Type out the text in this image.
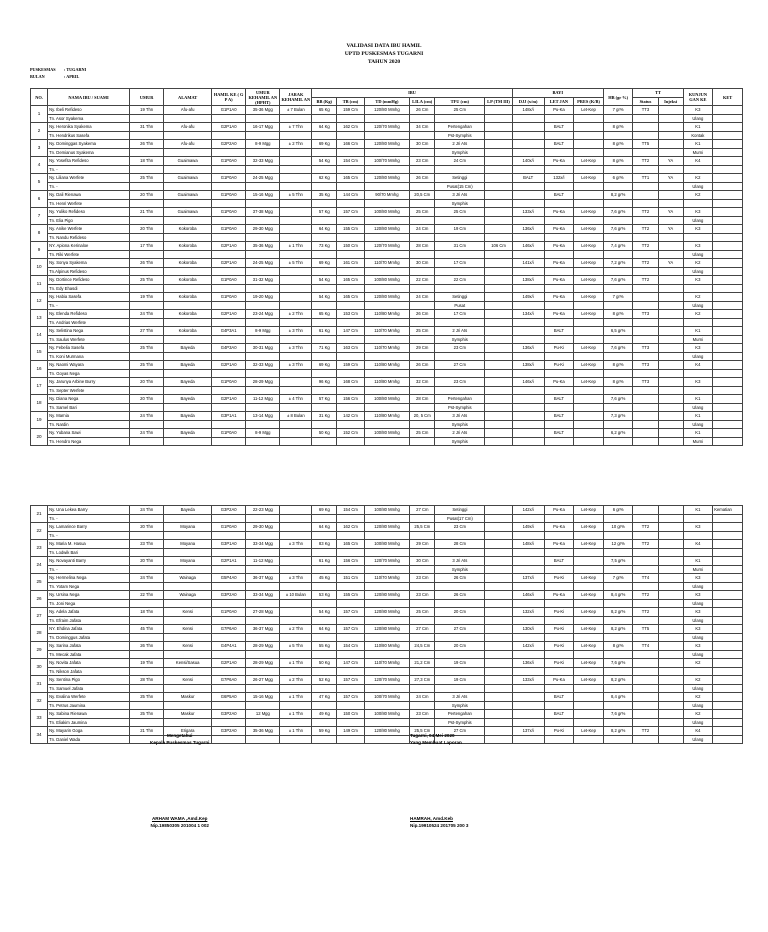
VALIDASI DATA IBU HAMIL
UPTD PUSKESMAS TUGARNI
TAHUN 2020
PUSKESMAS : TUGARNI
BULAN	: APRIL
NO.	NAMA IBU / SUAMI	UMUR	ALAMAT	HAMIL KE ( G P A)	UMUR KEHAMIL AN (HPHT)	JARAK KEHAMIL AN	IBU						BAYI			HB (gr %)	TT		KUNJUN GAN KE	KET
							BB (Kg)	TB (cm)	TD (mmHg)	LILA (cm)	TFU (cm)	LP (TM III)	DJJ (x/m)	LET JAN	PRES (K/B)		Status	Injeksi		
1	Ny. Ibeli Refideso	19 Thn	Afu-afu	G1P1A0	35-36 Mgg	± 7 Bulan	65 Kg	159 Cm	120/80 Mmhg	26 Cm	25 Cm		148x/i	Pu-Ka	Let-Kep	7 gr%	TT3		K3	
	Tn. Asor Syakema																		Ulang	
2	Ny. Heronika Syakema	31 Thn	Afu-afu	G2P1A0	16-17 Mgg	± 7 Thn	64 Kg	162 Cm	120/70 Mmhg	34 Cm	Pertengahan			BALT		8 gr%			K1	
	Tn. Hendrikus Sasefa										Pst-Symphis								Kontak	
3	Ny. Dominggas Syakema	26 Thn	Afu-afu	G2P2A0	8-9 Mgg	± 2 Thn	69 Kg	166 Cm	120/80 Mmhg	30 Cm	2 Jri Ats			BALT		8 gr%	TT5		K1	
	Tn. Demianus Syakema										Symphis								Murni	
4	Ny. Yosefita Refideso	18 Thn	Guaimawa	G1P0A0	32-33 Mgg		54 Kg	154 Cm	100/70 Mmhg	23 Cm	24 Cm		140x/i	Pu-Ka	Let-Kep	8 gr%	TT2	YA	K4	
	Tn. -																			
5	Ny. Liliana Werfete	25 Thn	Guaimawa	G1P0A0	24-25 Mgg		62 Kg	165 Cm	120/80 Mmhg	26 Cm	Setinggi		BALT	132x/i	Let-Kep	6 gr%	TT1	YA	K2	
	Tn. -										Pusat(15 Cm)								Ulang	
6	Ny. Dali Rienawa	20 Thn	Guaimawa	G1P0A0	15-16 Mgg	± 5 Thn	35 Kg	144 Cm	90/70 Mmhg	20,5 Cm	3 Jri Ats			BALT		8,2 gr%			K2	
	Tn. Henri Werfete										Symphis									
7	Ny. Yuliko Refideso	21 Thn	Guaimawa	G1P0A0	37-38 Mgg		57 Kg	157 Cm	100/80 Mmhg	25 Cm	25 Cm		133x/i	Pu-Ka	Let-Kep	7,6 gr%	TT2	YA	K3	
	Tn. Elia Pigo																		Ulang	
8	Ny. Anike Werfete	20 Thn	Kokoroba	G1P0A0	29-30 Mgg		64 Kg	155 Cm	120/80 Mmhg	24 Cm	19 Cm		136x/i	Pu-Ka	Let-Kep	7,6 gr%	TT2	YA	K3	
	Tn. Nandu Refideso																			
9	NY. Apiona Kerinaloe	17 Thn	Kokoroba	G2P1A0	35-36 Mgg	± 1 Thn	73 Kg	150 Cm	120/70 Mmhg	28 Cm	31 Cm	106 Cm	146x/i	Pu-Ka	Let-Kep	7,4 gr%	TT2		K3	
	Tn. Riki Werfete																		Ulang	
10	Ny. Sonya Syakema	26 Thn	Kokoroba	G2P1A0	24-25 Mgg	± 5 Thn	69 Kg	161 Cm	110/70 Mmhg	30 Cm	17 Cm		141x/i	Pu-Ka	Let-Kep	7,2 gr%	TT2	YA	K2	
	Tn.Alpinus Refideso																		Ulang	
11	Ny. Dortince Refideso	25 Thn	Kokoroba	G1P0A0	31-32 Mgg		54 Kg	165 Cm	100/80 Mmhg	22 Cm	22 Cm		138x/i	Pu-Ka	Let-Kep	7,6 gr%	TT2		K3	
	Tn. Edy Ehasdi																			
12	Ny. Habia Sasefa	19 Thn	Kokoroba	G1P0A0	19-20 Mgg		54 Kg	165 Cm	120/80 Mmhg	24 Cm	Setinggi		149x/i	Pu-Ka	Let-Kep	7 gr%			K2	
	Tn. -										Pusat								Ulang	
13	Ny. Elenda Refideso	24 Thn	Kokoroba	G2P1A0	23-24 Mgg	± 2 Thn	65 Kg	153 Cm	110/80 Mmhg	26 Cm	17 Cm		134x/i	Pu-Ka	Let-Kep	8 gr%	TT3		K2	
	Tn. Andrias Werfete																			
14	Ny. Selistina Nega	27 Thn	Kokoroba	G4P3A1	8-9 Mgg	± 3 Thn	61 Kg	147 Cm	110/70 Mmhg	25 Cm	2 Jri Ats			BALT		6,5 gr%			K1	
	Tn. Saulus Werfete										Symphis								Murni	
15	Ny. Febelia Sasefa	25 Thn	Bayeda	G4P3A0	30-31 Mgg	± 3 Thn	71 Kg	163 Cm	110/70 Mmhg	29 Cm	23 Cm		136x/i	Pu-Ki	Let-Kep	7,6 gr%	TT3		K3	
	Tn. Koni Murmana																		Ulang	
16	Ny. Naomi Wayara	25 Thn	Bayeda	G2P1A0	32-33 Mgg	± 3 Thn	69 Kg	159 Cm	110/80 Mmhg	26 Cm	27 Cm		138x/i	Pu-Ki	Let-Kep	8 gr%	TT3		K4	
	Tn. Goyas Nega																			
17	Ny. Jarunya Arbine Burry	20 Thn	Bayeda	G1P0A0	28-29 Mgg		96 Kg	168 Cm	110/80 Mmhg	32 Cm	23 Cm		146x/i	Pu-Ka	Let-Kep	8 gr%	TT3		K3	
	Tn. Septer Werfete																			
18	Ny. Diana Nega	20 Thn	Bayeda	G2P1A0	11-12 Mgg	± 4 Thn	57 Kg	156 Cm	100/80 Mmhg	28 Cm	Pertengahan			BALT		7,6 gr%			K1	
	Tn. Samel Bari										Pst-Symphis								Ulang	
19	Ny. Marnia	24 Thn	Bayeda	G3P1A1	13-14 Mgg	± 8 Bulan	31 Kg	142 Cm	110/80 Mmhg	20, 5 Cm	3 Jri Ats			BALT		7,3 gr%			K1	
	Tn. Nardin										Symphis								Ulang	
20	Ny. Yubana Sawi	24 Thn	Bayeda	G1P0A0	8-9 Mgg		50 Kg	152 Cm	100/80 Mmhg	25 Cm	2 Jri Ats			BALT		6,2 gr%			K1	
	Tn. Hendro Nega										Symphis								Murni	
21	Ny. Una Lekea Barry	24 Thn	Bayeda	G3P2A0	22-23 Mgg		69 Kg	154 Cm	100/80 Mmhg	27 Cm	Setinggi		142x/i	Pu-Ka	Let-Kep	6 gr%			K1	Kematian
	Tn. -										Pusat(17 Cm)									
22	Ny. Lamarince Barry	20 Thn	Moyana	G1P0A0	29-30 Mgg		64 Kg	162 Cm	120/80 Mmhg	25,5 Cm	23 Cm		149x/i	Pu-Ka	Let-Kep	10 gr%	TT2		K3	
	Tn. -																			
23	Ny. Maria M. Hasua	23 Thn	Moyana	G3P1A0	33-34 Mgg	± 3 Thn	83 Kg	165 Cm	100/80 Mmhg	29 Cm	28 Cm		148x/i	Pu-Ka	Let-Kep	12 gr%	TT2		K4	
	Tn. Lodwik Bari																			
24	Ny. Novayanti Barry	20 Thn	Moyana	G2P1A1	11-12 Mgg		61 Kg	156 Cm	120/70 Mmhg	30 Cm	3 Jri Ats			BALT		7,5 gr%			K1	
	Tn. -										Symphis								Murni	
25	Ny. Hermelina Nega	24 Thn	Wainaga	G5P4A0	36-37 Mgg	± 3 Thn	45 Kg	151 Cm	110/70 Mmhg	23 Cm	26 Cm		137x/i	Pu-Ki	Let-Kep	7 gr%	TT4		K3	
	Tn. Yotam Nega																		Ulang	
26	Ny. Ursina Nega	22 Thn	Wainaga	G3P2A0	33-34 Mgg	± 10 Bulan	53 Kg	155 Cm	120/80 Mmhg	23 Cm	26 Cm		146x/i	Pu-Ka	Let-Kep	8,4 gr%	TT2		K3	
	Tn. Joni Nega																		Ulang	
27	Ny. Adela Jafata	18 Thn	Kensi	G1P0A0	27-28 Mgg		54 Kg	157 Cm	120/80 Mmhg	25 Cm	20 Cm		132x/i	Pu-Ki	Let-Kep	8,2 gr%	TT2		K3	
	Tn. Efraim Jafata																		Ulang	
28	NY. Ehdina Jafata	45 Thn	Kensi	G7P6A0	36-37 Mgg	± 2 Thn	64 Kg	157 Cm	120/80 Mmhg	27 Cm	27 Cm		130x/i	Pu-Ki	Let-Kep	8,2 gr%	TT5		K3	
	Tn. Dominggus Jafata																		Ulang	
29	Ny. Sarina Jafata	26 Thn	Kensi	G4P4A1	28-29 Mgg	± 5 Thn	55 Kg	154 Cm	110/80 Mmhg	24,5 Cm	20 Cm		142x/i	Pu-Ki	Let-Kep	8 gr%	TT4		K3	
	Tn. Mecak Jafata																		Ulang	
30	Ny. Novita Jafata	19 Thn	Kensi/Sasua	G2P1A0	28-29 Mgg	± 1 Thn	50 Kg	147 Cm	110/70 Mmhg	21,2 Cm	19 Cm		136x/i	Pu-Ki	Let-Kep	7,6 gr%			K2	
	Tn. Nikson Jafata																			
31	Ny. Sentina Pigo	28 Thn	Kensi	G7P6A0	26-27 Mgg	± 2 Thn	52 Kg	157 Cm	120/70 Mmhg	27,3 Cm	19 Cm		133x/i	Pu-Ka	Let-Kep	8,2 gr%			K2	
	Tn. Samuel Jafata																		Ulang	
32	Ny. Evalina Werfete	25 Thn	Maskur	G6P5A0	15-16 Mgg	± 1 Thn	47 Kg	157 Cm	100/70 Mmhg	24 Cm	3 Jri Ats			BALT		8,4 gr%			K2	
	Tn. Petrus Jaumina										Symphis								Ulang	
33	Ny. Sabina Rienawa	25 Thn	Maskur	G3P2A0	12 Mgg	± 1 Thn	49 Kg	150 Cm	100/80 Mmhg	23 Cm	Pertengahan			BALT		7,6 gr%			K2	
	Tn. Eliakim Jaumina										Pst-Symphis								Ulang	
34	Ny. Mayarin Goga	21 Thn	Erigara	G3P2A0	35-36 Mgg	± 1 Thn	59 Kg	149 Cm	120/80 Mmhg	25,5 Cm	27 Cm		137x/i	Pu-Ki	Let-Kep	8,2 gr%	TT2		K4	
	Tn. Daniel Wada																		Ulang	
Mengetahui
Kepala Puskesmas Tugarni
ARHAM WAMA ,Amd.Kep
Nip.19850305 201004 1 002
Tugarni, 04 Mei 2020
Yang Membuat Laporan
HAMRAH, Amd.Keb
Nip.19910524 201705 200 3
